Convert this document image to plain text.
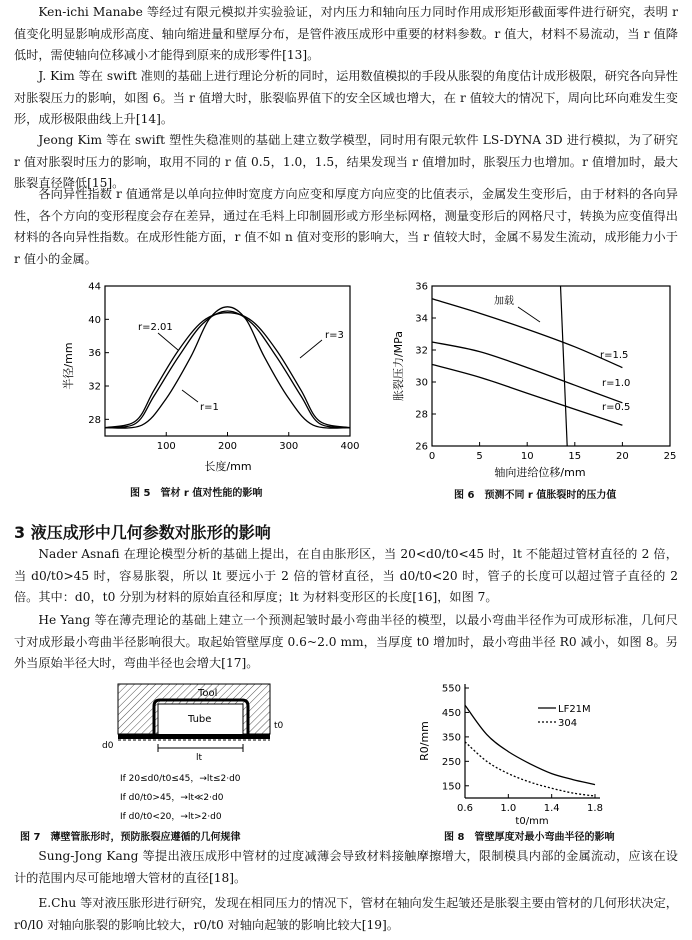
Ken-ichi Manabe 等经过有限元模拟并实验验证，对内压力和轴向压力同时作用成形矩形截面零件进行研究，表明 r 值变化明显影响成形高度、轴向缩进量和壁厚分布，是管件液压成形中重要的材料参数。r 值大，材料不易流动，当 r 值降低时，需使轴向位移减小才能得到原来的成形零件[13]。

J. Kim 等在 swift 准则的基础上进行理论分析的同时，运用数值模拟的手段从胀裂的角度估计成形极限，研究各向异性对胀裂压力的影响，如图 6。当 r 值增大时，胀裂临界值下的安全区域也增大，在 r 值较大的情况下，周向比环向难发生变形，成形极限曲线上升[14]。

Jeong Kim 等在 swift 塑性失稳准则的基础上建立数学模型，同时用有限元软件 LS-DYNA 3D 进行模拟，为了研究 r 值对胀裂时压力的影响，取用不同的 r 值 0.5，1.0，1.5，结果发现当 r 值增加时，胀裂压力也增加。r 值增加时，最大胀裂直径降低[15]。

各向异性指数 r 值通常是以单向拉伸时宽度方向应变和厚度方向应变的比值表示，金属发生变形后，由于材料的各向异性，各个方向的变形程度会存在差异，通过在毛料上印制圆形或方形坐标网格，测量变形后的网格尺寸，转换为应变值得出材料的各向异性指数。在成形性能方面，r 值不如 n 值对变形的影响大，当 r 值较大时，金属不易发生流动，成形能力小于 r 值小的金属。

100	200	300	400
28
32
36
40
44
r=2.01
r=3
r=1
长度/mm
半径/mm
图 5　管材 r 值对性能的影响
0	5	10	15	20	25
26
28
30
32
34
36
加载
r=1.5
r=1.0
r=0.5
轴向进给位移/mm
胀裂压力/MPa
图 6　预测不同 r 值胀裂时的压力值
3 液压成形中几何参数对胀形的影响

Nader Asnafi 在理论模型分析的基础上提出，在自由胀形区，当 20<d0/t0<45 时，lt 不能超过管材直径的 2 倍，当 d0/t0>45 时，容易胀裂，所以 lt 要远小于 2 倍的管材直径，当 d0/t0<20 时，管子的长度可以超过管子直径的 2 倍。其中：d0，t0 分别为材料的原始直径和厚度；lt 为材料变形区的长度[16]，如图 7。

He Yang 等在薄壳理论的基础上建立一个预测起皱时最小弯曲半径的模型，以最小弯曲半径作为可成形标准，几何尺寸对成形最小弯曲半径影响很大。取起始管壁厚度 0.6~2.0 mm，当厚度 t0 增加时，最小弯曲半径 R0 减小，如图 8。另外当原始半径大时，弯曲半径也会增大[17]。

Tool
Tube
t0
d0
lt
If 20≤d0/t0≤45，→lt≤2·d0
If d0/t0>45，→lt≪2·d0
If d0/t0<20，→lt>2·d0
图 7　薄壁管胀形时，预防胀裂应遵循的几何规律
0.6	1.0	1.4	1.8
150
250
350
450
550
LF21M
304
t0/mm
R0/mm
图 8　管壁厚度对最小弯曲半径的影响

Sung-Jong Kang 等提出液压成形中管材的过度减薄会导致材料接触摩擦增大，限制模具内部的金属流动，应该在设计的范围内尽可能地增大管材的直径[18]。

E.Chu 等对液压胀形进行研究，发现在相同压力的情况下，管材在轴向发生起皱还是胀裂主要由管材的几何形状决定，r0/l0 对轴向胀裂的影响比较大，r0/t0 对轴向起皱的影响比较大[19]。
